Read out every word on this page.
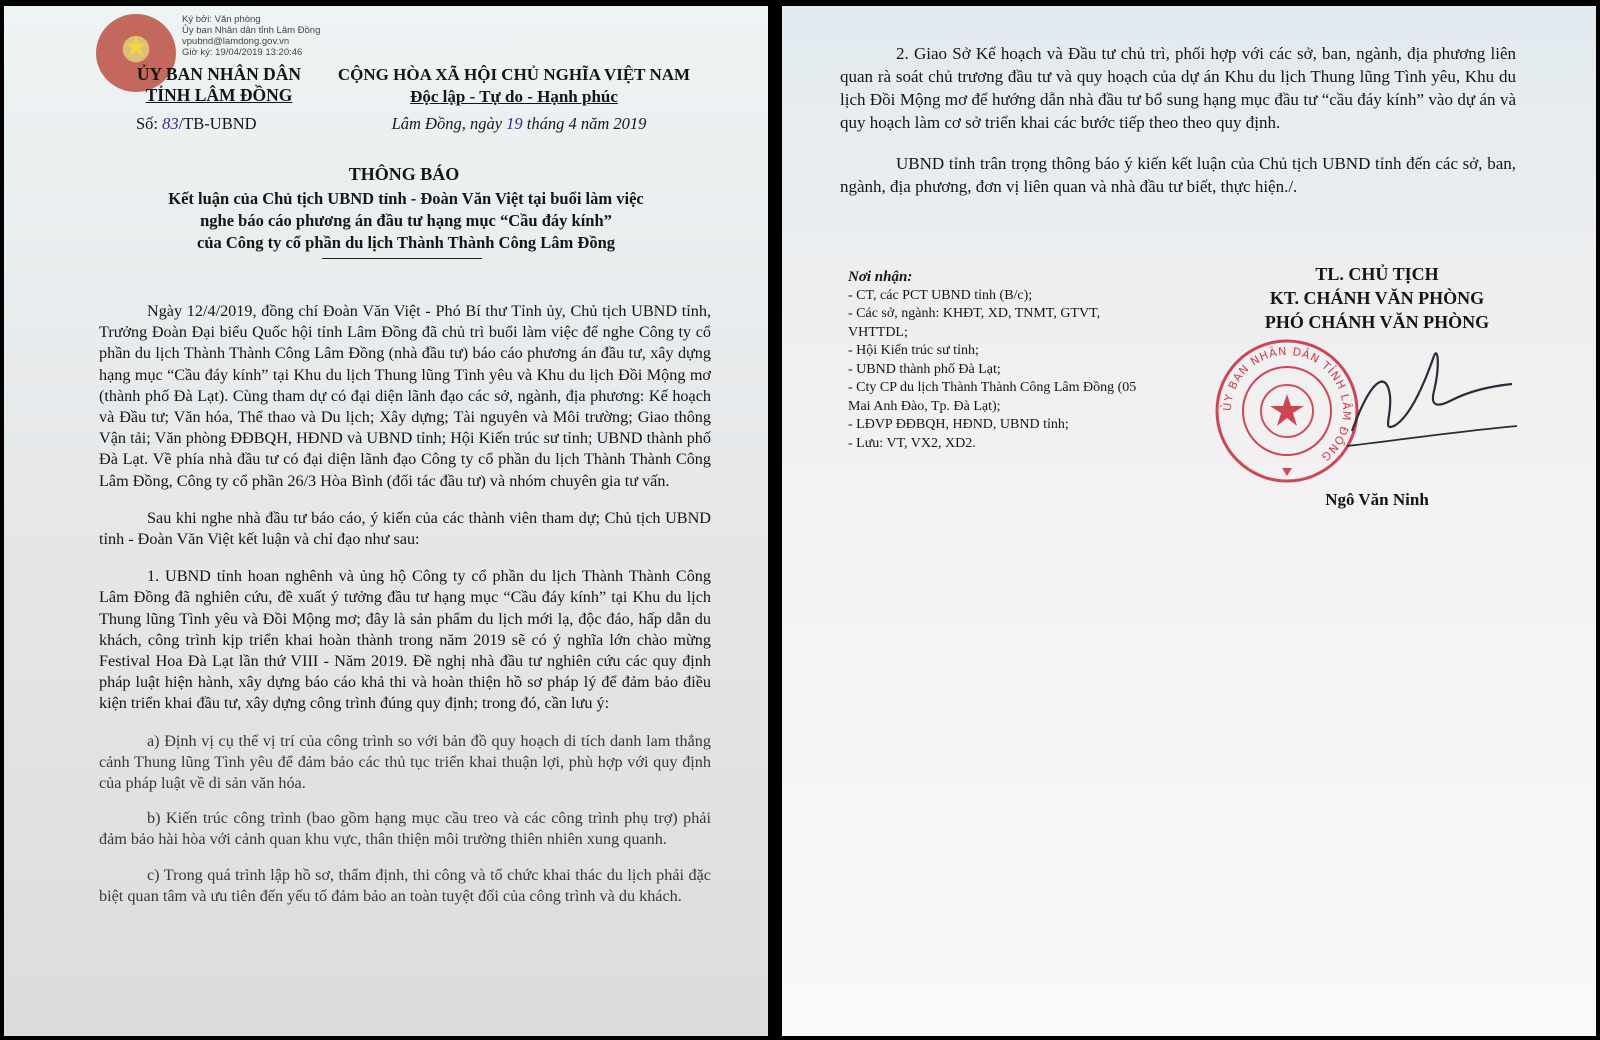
★
Ký bởi: Văn phòng
Ủy ban Nhân dân tỉnh Lâm Đồng
vpubnd@lamdong.gov.vn
Giờ ký: 19/04/2019 13:20:46
ỦY BAN NHÂN DÂN
TỈNH LÂM ĐỒNG
Số: 83/TB-UBND
CỘNG HÒA XÃ HỘI CHỦ NGHĨA VIỆT NAM
Độc lập - Tự do - Hạnh phúc
Lâm Đồng, ngày 19 tháng 4 năm 2019
THÔNG BÁO
Kết luận của Chủ tịch UBND tỉnh - Đoàn Văn Việt tại buổi làm việc
nghe báo cáo phương án đầu tư hạng mục “Cầu đáy kính”
của Công ty cổ phần du lịch Thành Thành Công Lâm Đồng

Ngày 12/4/2019, đồng chí Đoàn Văn Việt - Phó Bí thư Tỉnh ủy, Chủ tịch UBND tỉnh, Trưởng Đoàn Đại biểu Quốc hội tỉnh Lâm Đồng đã chủ trì buổi làm việc để nghe Công ty cổ phần du lịch Thành Thành Công Lâm Đồng (nhà đầu tư) báo cáo phương án đầu tư, xây dựng hạng mục “Cầu đáy kính” tại Khu du lịch Thung lũng Tình yêu và Khu du lịch Đồi Mộng mơ (thành phố Đà Lạt). Cùng tham dự có đại diện lãnh đạo các sở, ngành, địa phương: Kế hoạch và Đầu tư; Văn hóa, Thể thao và Du lịch; Xây dựng; Tài nguyên và Môi trường; Giao thông Vận tải; Văn phòng ĐĐBQH, HĐND và UBND tỉnh; Hội Kiến trúc sư tỉnh; UBND thành phố Đà Lạt. Về phía nhà đầu tư có đại diện lãnh đạo Công ty cổ phần du lịch Thành Thành Công Lâm Đồng, Công ty cổ phần 26/3 Hòa Bình (đối tác đầu tư) và nhóm chuyên gia tư vấn.

Sau khi nghe nhà đầu tư báo cáo, ý kiến của các thành viên tham dự; Chủ tịch UBND tỉnh - Đoàn Văn Việt kết luận và chỉ đạo như sau:

1. UBND tỉnh hoan nghênh và ủng hộ Công ty cổ phần du lịch Thành Thành Công Lâm Đồng đã nghiên cứu, đề xuất ý tưởng đầu tư hạng mục “Cầu đáy kính” tại Khu du lịch Thung lũng Tình yêu và Đồi Mộng mơ; đây là sản phẩm du lịch mới lạ, độc đáo, hấp dẫn du khách, công trình kịp triển khai hoàn thành trong năm 2019 sẽ có ý nghĩa lớn chào mừng Festival Hoa Đà Lạt lần thứ VIII - Năm 2019. Đề nghị nhà đầu tư nghiên cứu các quy định pháp luật hiện hành, xây dựng báo cáo khả thi và hoàn thiện hồ sơ pháp lý để đảm bảo điều kiện triển khai đầu tư, xây dựng công trình đúng quy định; trong đó, cần lưu ý:

a) Định vị cụ thể vị trí của công trình so với bản đồ quy hoạch di tích danh lam thắng cảnh Thung lũng Tình yêu để đảm bảo các thủ tục triển khai thuận lợi, phù hợp với quy định của pháp luật về di sản văn hóa.

b) Kiến trúc công trình (bao gồm hạng mục cầu treo và các công trình phụ trợ) phải đảm bảo hài hòa với cảnh quan khu vực, thân thiện môi trường thiên nhiên xung quanh.

c) Trong quá trình lập hồ sơ, thẩm định, thi công và tổ chức khai thác du lịch phải đặc biệt quan tâm và ưu tiên đến yếu tố đảm bảo an toàn tuyệt đối của công trình và du khách.

2. Giao Sở Kế hoạch và Đầu tư chủ trì, phối hợp với các sở, ban, ngành, địa phương liên quan rà soát chủ trương đầu tư và quy hoạch của dự án Khu du lịch Thung lũng Tình yêu, Khu du lịch Đồi Mộng mơ để hướng dẫn nhà đầu tư bổ sung hạng mục đầu tư “cầu đáy kính” vào dự án và quy hoạch làm cơ sở triển khai các bước tiếp theo theo quy định.

UBND tỉnh trân trọng thông báo ý kiến kết luận của Chủ tịch UBND tỉnh đến các sở, ban, ngành, địa phương, đơn vị liên quan và nhà đầu tư biết, thực hiện./.

Nơi nhận:
- CT, các PCT UBND tỉnh (B/c);
- Các sở, ngành: KHĐT, XD, TNMT, GTVT, VHTTDL;
- Hội Kiến trúc sư tỉnh;
- UBND thành phố Đà Lạt;
- Cty CP du lịch Thành Thành Công Lâm Đồng (05 Mai Anh Đào, Tp. Đà Lạt);
- LĐVP ĐĐBQH, HĐND, UBND tỉnh;
- Lưu: VT, VX2, XD2.
TL. CHỦ TỊCH
KT. CHÁNH VĂN PHÒNG
PHÓ CHÁNH VĂN PHÒNG
ỦY BAN NHÂN DÂN TỈNH LÂM ĐỒNG
Ngô Văn Ninh
